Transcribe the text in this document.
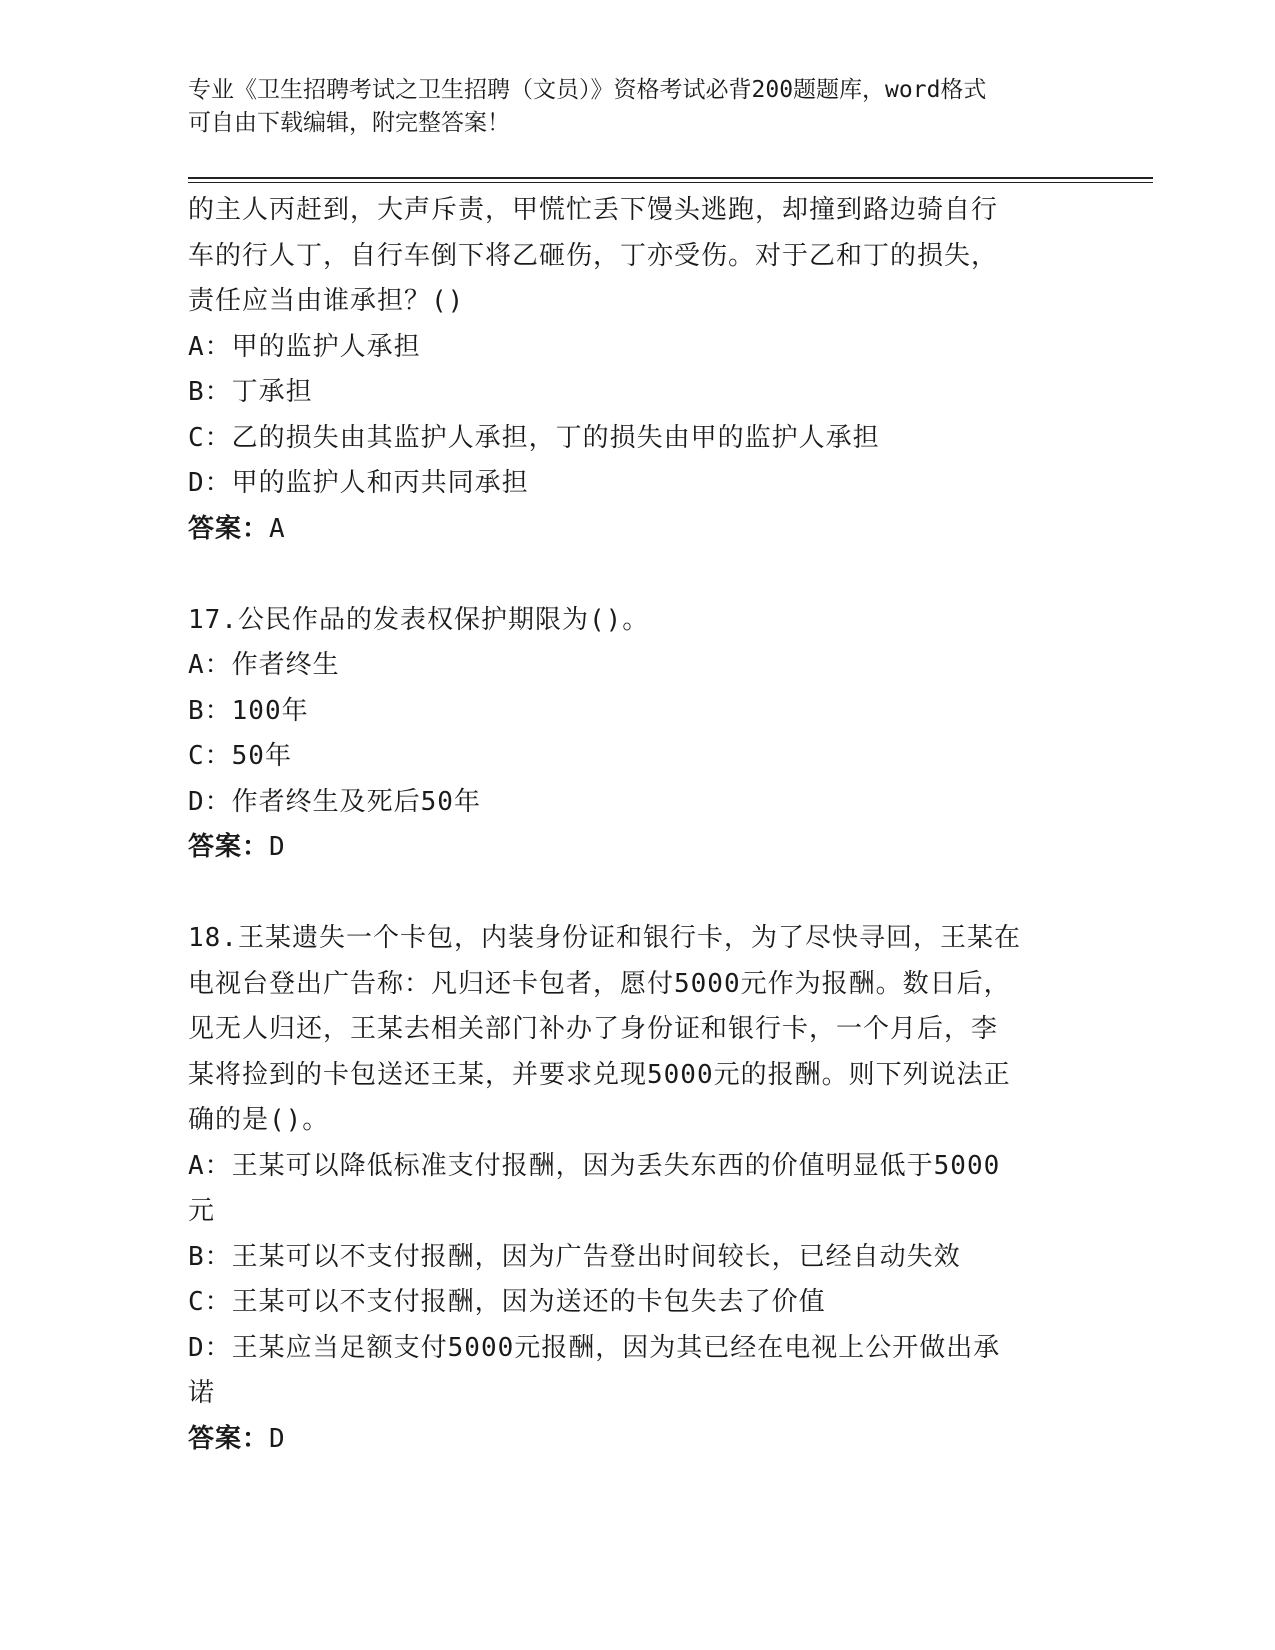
专业《卫生招聘考试之卫生招聘（文员）》资格考试必背200题题库，word格式
可自由下载编辑，附完整答案！
的主人丙赶到，大声斥责，甲慌忙丢下馒头逃跑，却撞到路边骑自行
车的行人丁，自行车倒下将乙砸伤，丁亦受伤。对于乙和丁的损失，
责任应当由谁承担？()
A：甲的监护人承担
B：丁承担
C：乙的损失由其监护人承担，丁的损失由甲的监护人承担
D：甲的监护人和丙共同承担
答案：A
17.公民作品的发表权保护期限为()。
A：作者终生
B：100年
C：50年
D：作者终生及死后50年
答案：D
18.王某遗失一个卡包，内装身份证和银行卡，为了尽快寻回，王某在
电视台登出广告称：凡归还卡包者，愿付5000元作为报酬。数日后，
见无人归还，王某去相关部门补办了身份证和银行卡，一个月后，李
某将捡到的卡包送还王某，并要求兑现5000元的报酬。则下列说法正
确的是()。
A：王某可以降低标准支付报酬，因为丢失东西的价值明显低于5000
元
B：王某可以不支付报酬，因为广告登出时间较长，已经自动失效
C：王某可以不支付报酬，因为送还的卡包失去了价值
D：王某应当足额支付5000元报酬，因为其已经在电视上公开做出承
诺
答案：D
